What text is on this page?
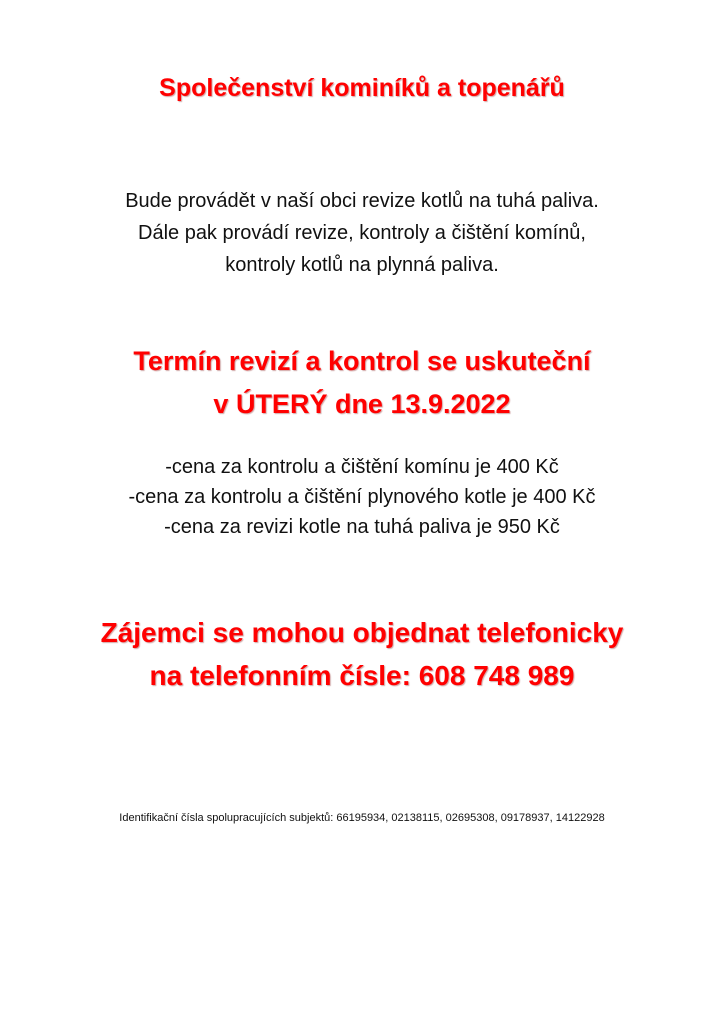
Společenství kominíků a topenářů
Bude provádět v naší obci revize kotlů na tuhá paliva.
Dále pak provádí revize, kontroly a čištění komínů,
kontroly kotlů na plynná paliva.
Termín revizí a kontrol se uskuteční
v ÚTERÝ dne 13.9.2022
-cena za kontrolu a čištění komínu je 400 Kč
-cena za kontrolu a čištění plynového kotle je 400 Kč
-cena za revizi kotle na tuhá paliva je 950 Kč
Zájemci se mohou objednat telefonicky
na telefonním čísle: 608 748 989
Identifikační čísla spolupracujících subjektů: 66195934, 02138115, 02695308, 09178937, 14122928
